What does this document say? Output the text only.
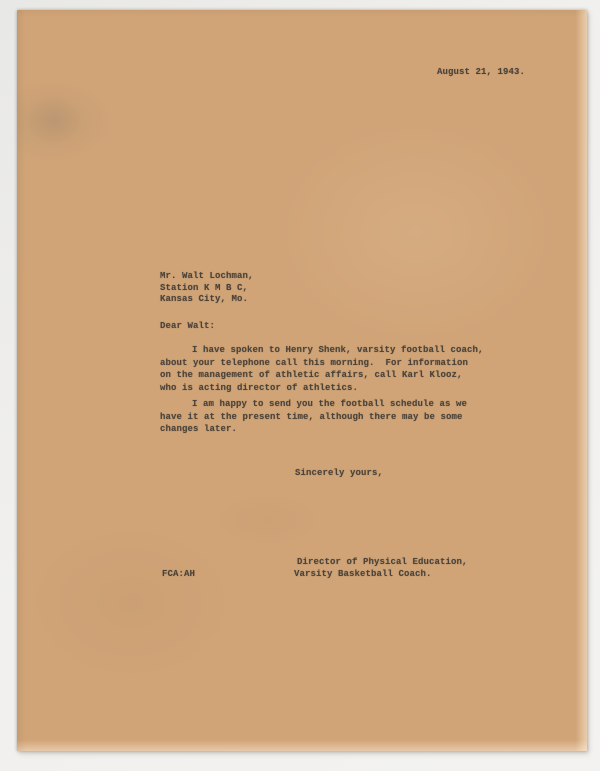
August 21, 1943.
Mr. Walt Lochman,
Station K M B C,
Kansas City, Mo.
Dear Walt:
I have spoken to Henry Shenk, varsity football coach,
about your telephone call this morning.  For information
on the management of athletic affairs, call Karl Klooz,
who is acting director of athletics.
I am happy to send you the football schedule as we
have it at the present time, although there may be some
changes later.
Sincerely yours,
Director of Physical Education,
Varsity Basketball Coach.
FCA:AH
